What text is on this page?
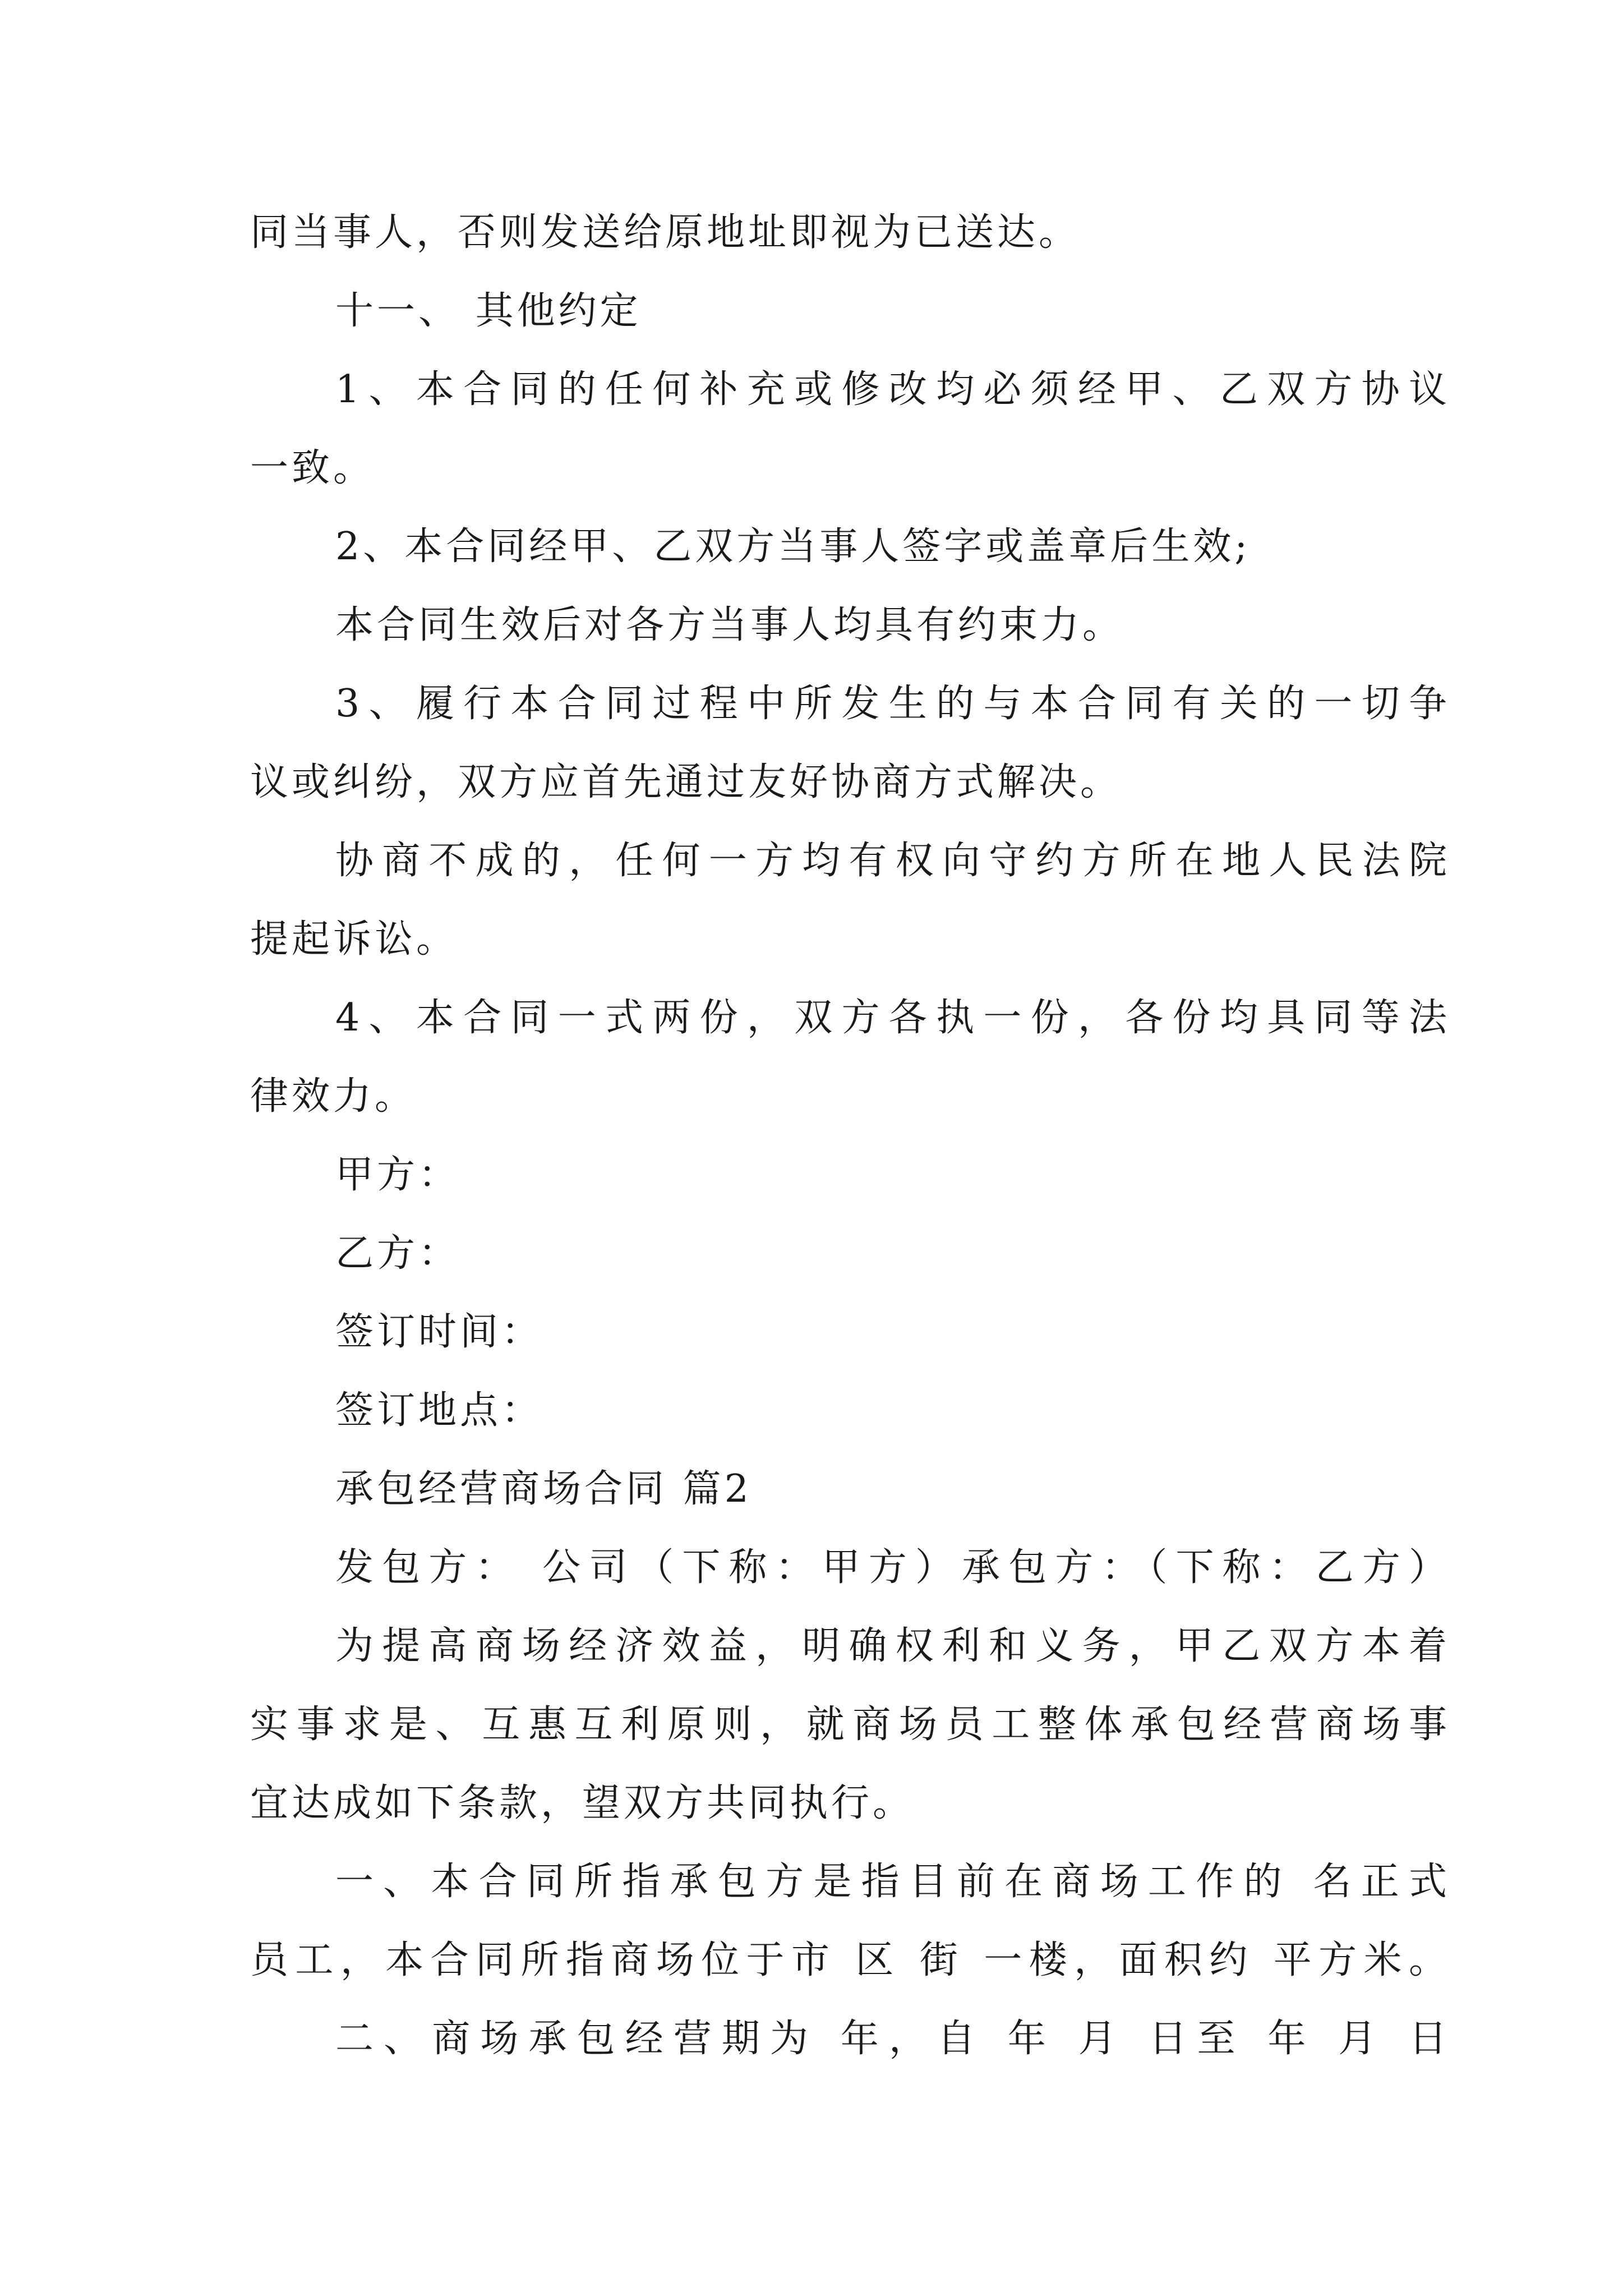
同当事人，否则发送给原地址即视为已送达。

十一、 其他约定

1、本合同的任何补充或修改均必须经甲、乙双方协议

一致。

2、本合同经甲、乙双方当事人签字或盖章后生效;

本合同生效后对各方当事人均具有约束力。

3、履行本合同过程中所发生的与本合同有关的一切争

议或纠纷，双方应首先通过友好协商方式解决。

协商不成的，任何一方均有权向守约方所在地人民法院

提起诉讼。

4、本合同一式两份，双方各执一份，各份均具同等法

律效力。

甲方：

乙方：

签订时间：

签订地点：

承包经营商场合同 篇2

发包方： 公司（下称：甲方）承包方：（下称：乙方）

为提高商场经济效益，明确权利和义务，甲乙双方本着

实事求是、互惠互利原则，就商场员工整体承包经营商场事

宜达成如下条款，望双方共同执行。

一、本合同所指承包方是指目前在商场工作的 名正式

员工，本合同所指商场位于市 区 街 一楼，面积约 平方米。

二、商场承包经营期为 年，自 年 月 日至 年 月 日
